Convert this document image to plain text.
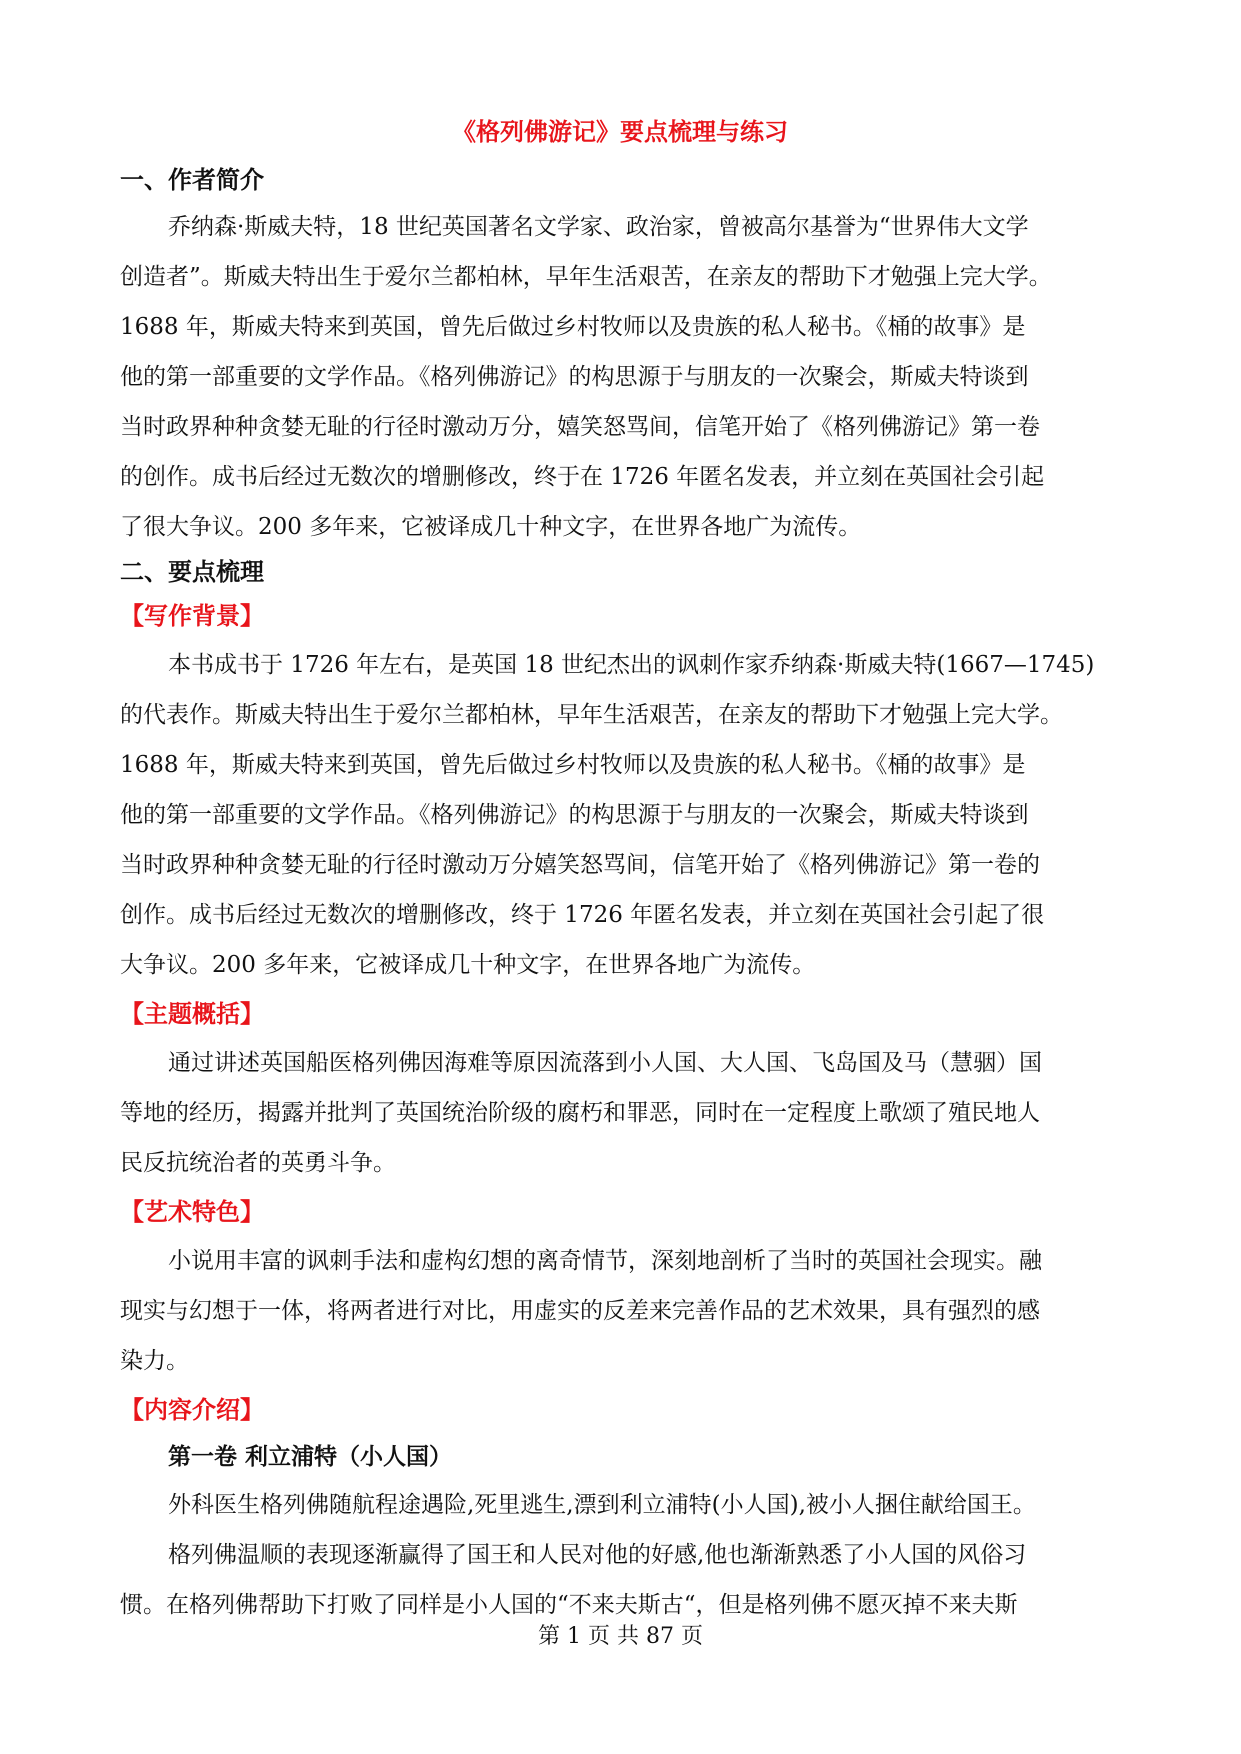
《格列佛游记》要点梳理与练习
一、作者简介
乔纳森·斯威夫特，18 世纪英国著名文学家、政治家，曾被高尔基誉为“世界伟大文学
创造者”。斯威夫特出生于爱尔兰都柏林，早年生活艰苦，在亲友的帮助下才勉强上完大学。
1688 年，斯威夫特来到英国，曾先后做过乡村牧师以及贵族的私人秘书。《桶的故事》是
他的第一部重要的文学作品。《格列佛游记》的构思源于与朋友的一次聚会，斯威夫特谈到
当时政界种种贪婪无耻的行径时激动万分，嬉笑怒骂间，信笔开始了《格列佛游记》第一卷
的创作。成书后经过无数次的增删修改，终于在 1726 年匿名发表，并立刻在英国社会引起
了很大争议。200 多年来，它被译成几十种文字，在世界各地广为流传。
二、要点梳理
【写作背景】
本书成书于 1726 年左右，是英国 18 世纪杰出的讽刺作家乔纳森·斯威夫特(1667—1745)
的代表作。斯威夫特出生于爱尔兰都柏林，早年生活艰苦，在亲友的帮助下才勉强上完大学。
1688 年，斯威夫特来到英国，曾先后做过乡村牧师以及贵族的私人秘书。《桶的故事》是
他的第一部重要的文学作品。《格列佛游记》的构思源于与朋友的一次聚会，斯威夫特谈到
当时政界种种贪婪无耻的行径时激动万分嬉笑怒骂间，信笔开始了《格列佛游记》第一卷的
创作。成书后经过无数次的增删修改，终于 1726 年匿名发表，并立刻在英国社会引起了很
大争议。200 多年来，它被译成几十种文字，在世界各地广为流传。
【主题概括】
通过讲述英国船医格列佛因海难等原因流落到小人国、大人国、飞岛国及马（慧骃）国
等地的经历，揭露并批判了英国统治阶级的腐朽和罪恶，同时在一定程度上歌颂了殖民地人
民反抗统治者的英勇斗争。
【艺术特色】
小说用丰富的讽刺手法和虚构幻想的离奇情节，深刻地剖析了当时的英国社会现实。融
现实与幻想于一体，将两者进行对比，用虚实的反差来完善作品的艺术效果，具有强烈的感
染力。
【内容介绍】
第一卷 利立浦特（小人国）
外科医生格列佛随航程途遇险,死里逃生,漂到利立浦特(小人国),被小人捆住献给国王。
格列佛温顺的表现逐渐赢得了国王和人民对他的好感,他也渐渐熟悉了小人国的风俗习
惯。在格列佛帮助下打败了同样是小人国的“不来夫斯古“，但是格列佛不愿灭掉不来夫斯
第 1 页 共 87 页
